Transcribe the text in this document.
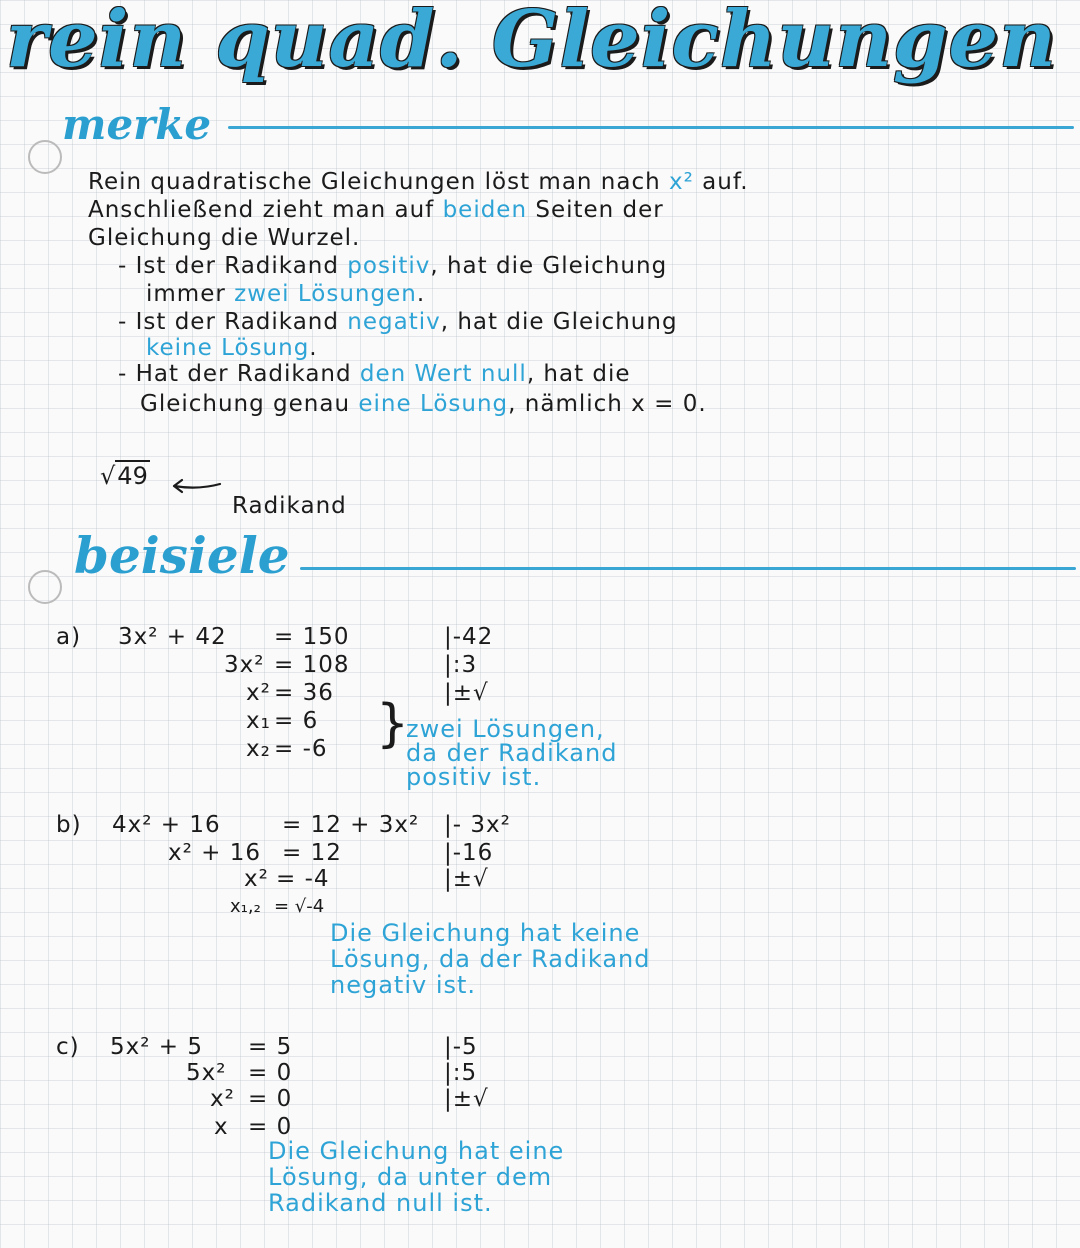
rein quad. Gleichungen
merke
Rein quadratische Gleichungen löst man nach x² auf.
Anschließend zieht man auf beiden Seiten der
Gleichung die Wurzel.
- Ist der Radikand positiv, hat die Gleichung
immer zwei Lösungen.
- Ist der Radikand negativ, hat die Gleichung
keine Lösung.
- Hat der Radikand den Wert null, hat die
Gleichung genau eine Lösung, nämlich x = 0.
√49
Radikand
beisiele
a) 3x² + 42 = 150	|-42
3x² = 108	|:3
x² = 36	|±√
x₁ = 6
x₂ = -6 }
zwei Lösungen,
da der Radikand
positiv ist.
b) 4x² + 16	= 12 + 3x² |- 3x²
x² + 16 = 12	|-16
x² = -4	|±√
x₁,₂ = √-4
Die Gleichung hat keine
Lösung, da der Radikand
negativ ist.
c) 5x² + 5 = 5	|-5
5x² = 0	|:5
x² = 0	|±√
x = 0
Die Gleichung hat eine
Lösung, da unter dem
Radikand null ist.
